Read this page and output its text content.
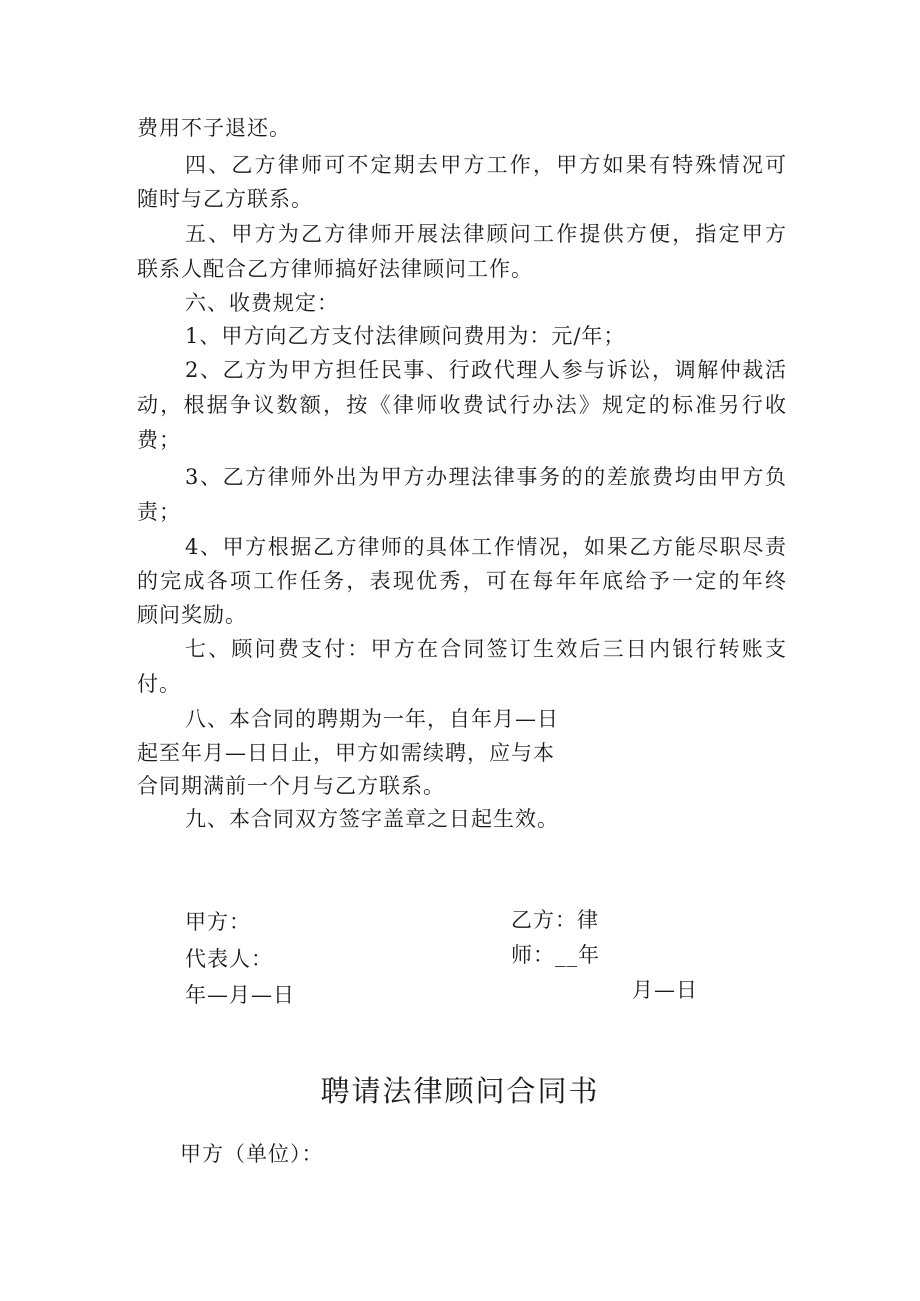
费用不子退还。
四、乙方律师可不定期去甲方工作，甲方如果有特殊情况可
随时与乙方联系。
五、甲方为乙方律师开展法律顾问工作提供方便，指定甲方
联系人配合乙方律师搞好法律顾问工作。
六、收费规定：
1、甲方向乙方支付法律顾问费用为：元/年；
2、乙方为甲方担任民事、行政代理人参与诉讼，调解仲裁活
动，根据争议数额，按《律师收费试行办法》规定的标准另行收
费；
3、乙方律师外出为甲方办理法律事务的的差旅费均由甲方负
责；
4、甲方根据乙方律师的具体工作情况，如果乙方能尽职尽责
的完成各项工作任务，表现优秀，可在每年年底给予一定的年终
顾问奖励。
七、顾问费支付：甲方在合同签订生效后三日内银行转账支
付。
八、本合同的聘期为一年，自年月—日
起至年月—日日止，甲方如需续聘，应与本
合同期满前一个月与乙方联系。
九、本合同双方签字盖章之日起生效。
甲方：
代表人：
年—月—日
乙方：律
师：__年
月—日
聘请法律顾问合同书
甲方（单位）：
